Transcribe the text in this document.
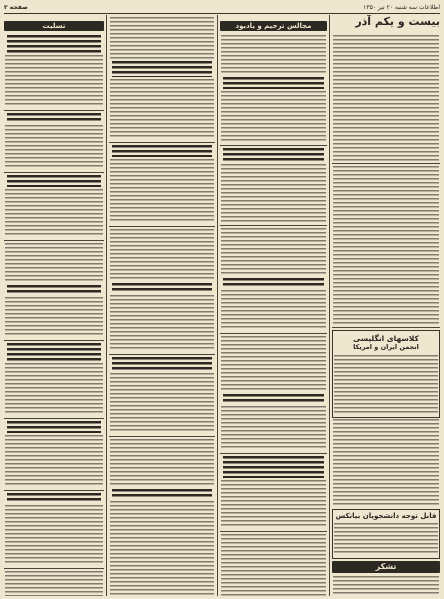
صفحه ۲	اطلاعات سه شنبه ۲۰ تیر ۱۳۵۰
بیست و یکم آذر
کلاسهای انگلیسی
انجمن ایران و امریکا
قابل توجه دانشجویان بیانکس
تشکر
مجالس ترحیم و یادبود
تسلیت
